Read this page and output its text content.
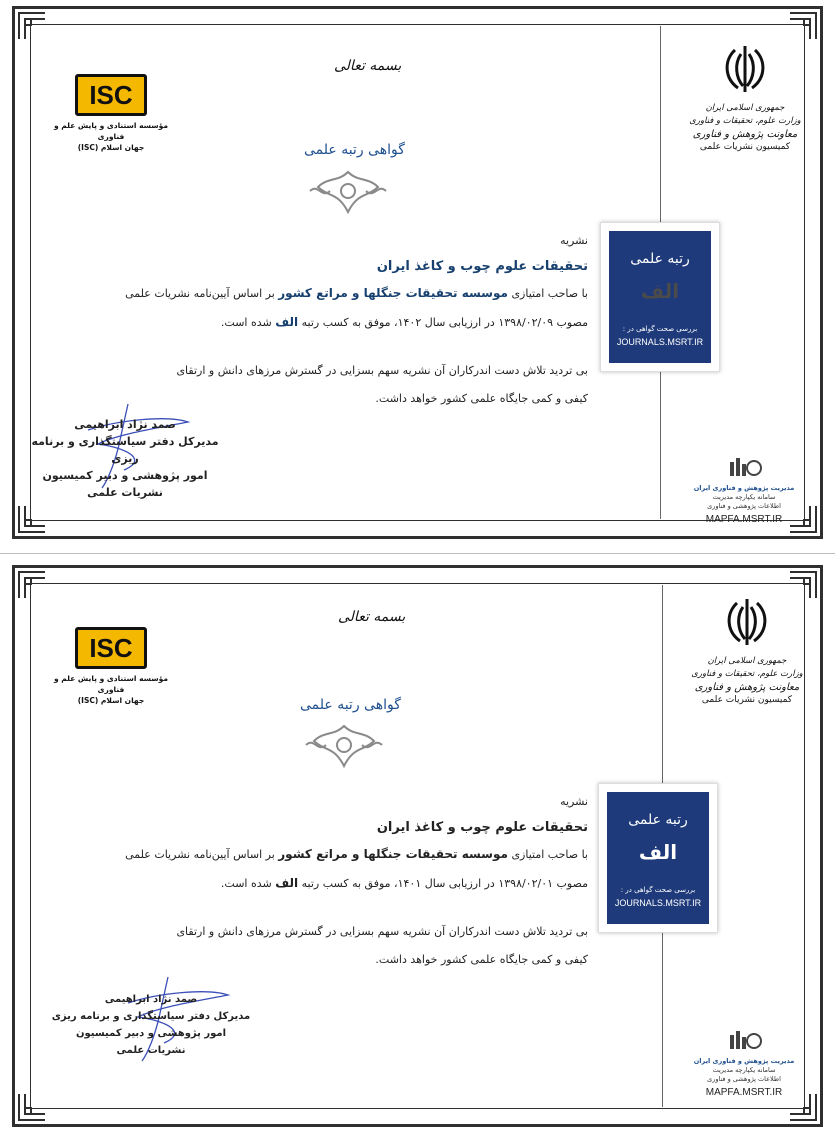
بسمه تعالی
ISC
مؤسسه استنادی و پایش علم و فناوری
جهان اسلام (ISC)	گواهی رتبه علمی
نشریه
تحقیقات علوم چوب و کاغذ ایران
با صاحب امتیازی موسسه تحقیقات جنگلها و مراتع کشور بر اساس آیین‌نامه نشریات علمی
مصوب ۱۳۹۸/۰۲/۰۹ در ارزیابی سال ۱۴۰۲، موفق به کسب رتبه الف شده است.
بی تردید تلاش دست اندرکاران آن نشریه سهم بسزایی در گسترش مرزهای دانش و ارتقای
کیفی و کمی جایگاه علمی کشور خواهد داشت.
صمد نژاد ابراهیمی
مدیرکل دفتر سیاستگذاری و برنامه ریزی
امور پژوهشی و دبیر کمیسیون
نشریات علمی
جمهوری اسلامی ایران
وزارت علوم، تحقیقات و فناوری
معاونت پژوهش و فناوری
کمیسیون نشریات علمی
رتبه علمی
الف
بررسی صحت گواهی در :
JOURNALS.MSRT.IR
مدیریت پژوهش و فناوری ایران
سامانه یکپارچه مدیریت
اطلاعات پژوهشی و فناوری
MAPFA.MSRT.IR
بسمه تعالی
ISC
مؤسسه استنادی و پایش علم و فناوری
جهان اسلام (ISC)	گواهی رتبه علمی
نشریه
تحقیقات علوم چوب و کاغذ ایران
با صاحب امتیازی موسسه تحقیقات جنگلها و مراتع کشور بر اساس آیین‌نامه نشریات علمی
مصوب ۱۳۹۸/۰۲/۰۱ در ارزیابی سال ۱۴۰۱، موفق به کسب رتبه الف شده است.
بی تردید تلاش دست اندرکاران آن نشریه سهم بسزایی در گسترش مرزهای دانش و ارتقای
کیفی و کمی جایگاه علمی کشور خواهد داشت.
صمد نژاد ابراهیمی
مدیرکل دفتر سیاستگذاری و برنامه ریزی
امور پژوهشی و دبیر کمیسیون
نشریات علمی
جمهوری اسلامی ایران
وزارت علوم، تحقیقات و فناوری
معاونت پژوهش و فناوری
کمیسیون نشریات علمی
رتبه علمی
الف
بررسی صحت گواهی در :
JOURNALS.MSRT.IR
مدیریت پژوهش و فناوری ایران
سامانه یکپارچه مدیریت
اطلاعات پژوهشی و فناوری
MAPFA.MSRT.IR
